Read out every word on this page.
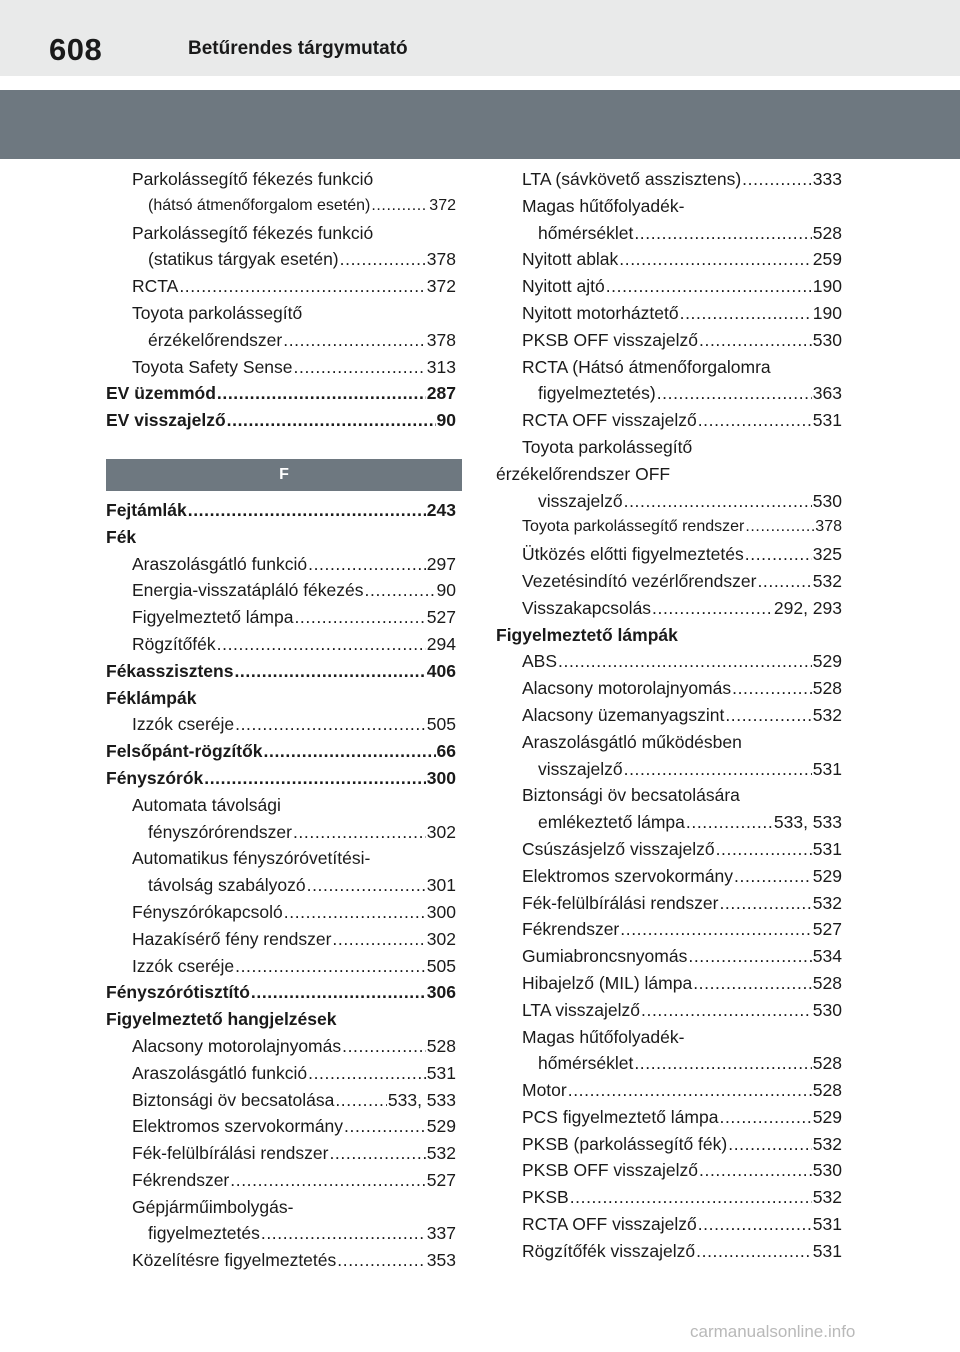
608	Betűrendes tárgymutató
Parkolássegítő fékezés funkció
(hátsó átmenőforgalom esetén) .....	372
Parkolássegítő fékezés funkció
(statikus tárgyak esetén) .....	378
RCTA .....	372
Toyota parkolássegítő
érzékelőrendszer .....	378
Toyota Safety Sense .....	313
EV üzemmód .....	287
EV visszajelző .....	90
F
Fejtámlák .....	243
Fék
Araszolásgátló funkció .....	297
Energia-visszatápláló fékezés .....	90
Figyelmeztető lámpa .....	527
Rögzítőfék .....	294
Fékasszisztens .....	406
Féklámpák
Izzók cseréje .....	505
Felsőpánt-rögzítők .....	66
Fényszórók .....	300
Automata távolsági
fényszórórendszer .....	302
Automatikus fényszóróvetítési-
távolság szabályozó .....	301
Fényszórókapcsoló .....	300
Hazakísérő fény rendszer .....	302
Izzók cseréje .....	505
Fényszórótisztító .....	306
Figyelmeztető hangjelzések
Alacsony motorolajnyomás .....	528
Araszolásgátló funkció .....	531
Biztonsági öv becsatolása .....	533, 533
Elektromos szervokormány .....	529
Fék-felülbírálási rendszer .....	532
Fékrendszer .....	527
Gépjárműimbolygás-
figyelmeztetés .....	337
Közelítésre figyelmeztetés .....	353
LTA (sávkövető asszisztens) .....	333
Magas hűtőfolyadék-
hőmérséklet .....	528
Nyitott ablak .....	259
Nyitott ajtó .....	190
Nyitott motorháztető .....	190
PKSB OFF visszajelző .....	530
RCTA (Hátsó átmenőforgalomra
figyelmeztetés) .....	363
RCTA OFF visszajelző .....	531
Toyota parkolássegítő
érzékelőrendszer OFF
visszajelző .....	530
Toyota parkolássegítő rendszer .....	378
Ütközés előtti figyelmeztetés .....	325
Vezetésindító vezérlőrendszer .....	532
Visszakapcsolás .....	292, 293
Figyelmeztető lámpák
ABS .....	529
Alacsony motorolajnyomás .....	528
Alacsony üzemanyagszint .....	532
Araszolásgátló működésben
visszajelző .....	531
Biztonsági öv becsatolására
emlékeztető lámpa .....	533, 533
Csúszásjelző visszajelző .....	531
Elektromos szervokormány .....	529
Fék-felülbírálási rendszer .....	532
Fékrendszer .....	527
Gumiabroncsnyomás .....	534
Hibajelző (MIL) lámpa .....	528
LTA visszajelző .....	530
Magas hűtőfolyadék-
hőmérséklet .....	528
Motor .....	528
PCS figyelmeztető lámpa .....	529
PKSB (parkolássegítő fék) .....	532
PKSB OFF visszajelző .....	530
PKSB .....	532
RCTA OFF visszajelző .....	531
Rögzítőfék visszajelző .....	531
carmanualsonline.info
